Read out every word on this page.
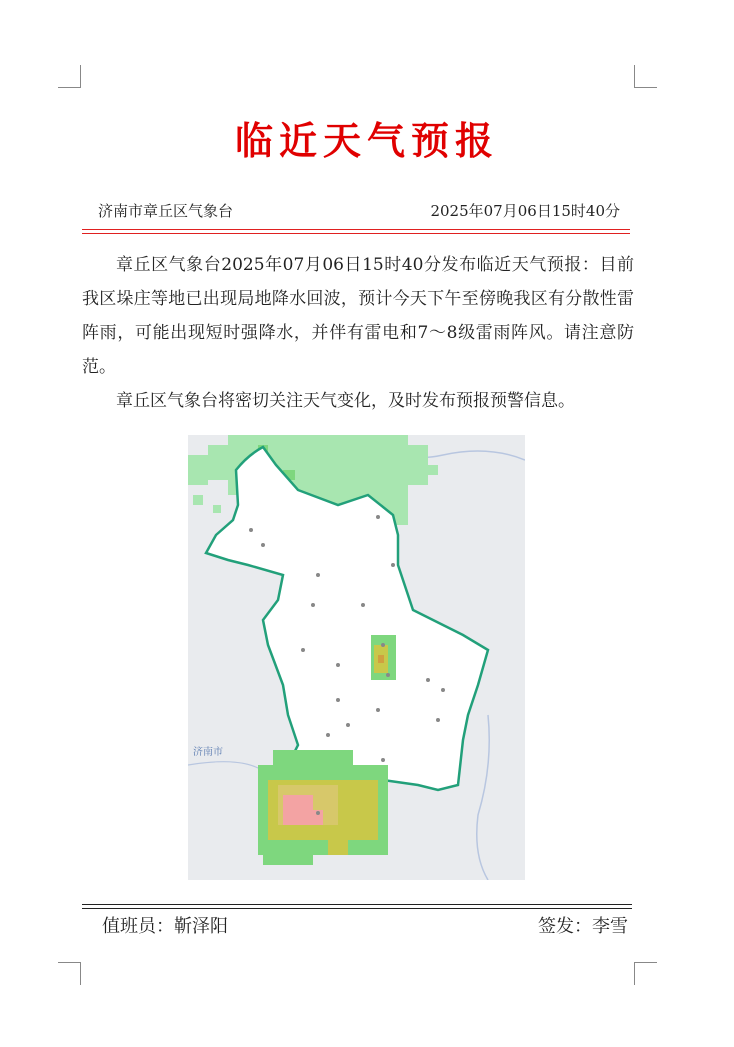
临近天气预报
济南市章丘区气象台	2025年07月06日15时40分

章丘区气象台2025年07月06日15时40分发布临近天气预报：目前我区垛庄等地已出现局地降水回波，预计今天下午至傍晚我区有分散性雷阵雨，可能出现短时强降水，并伴有雷电和7～8级雷雨阵风。请注意防范。

章丘区气象台将密切关注天气变化，及时发布预报预警信息。

济南市
值班员：靳泽阳	签发：李雪
